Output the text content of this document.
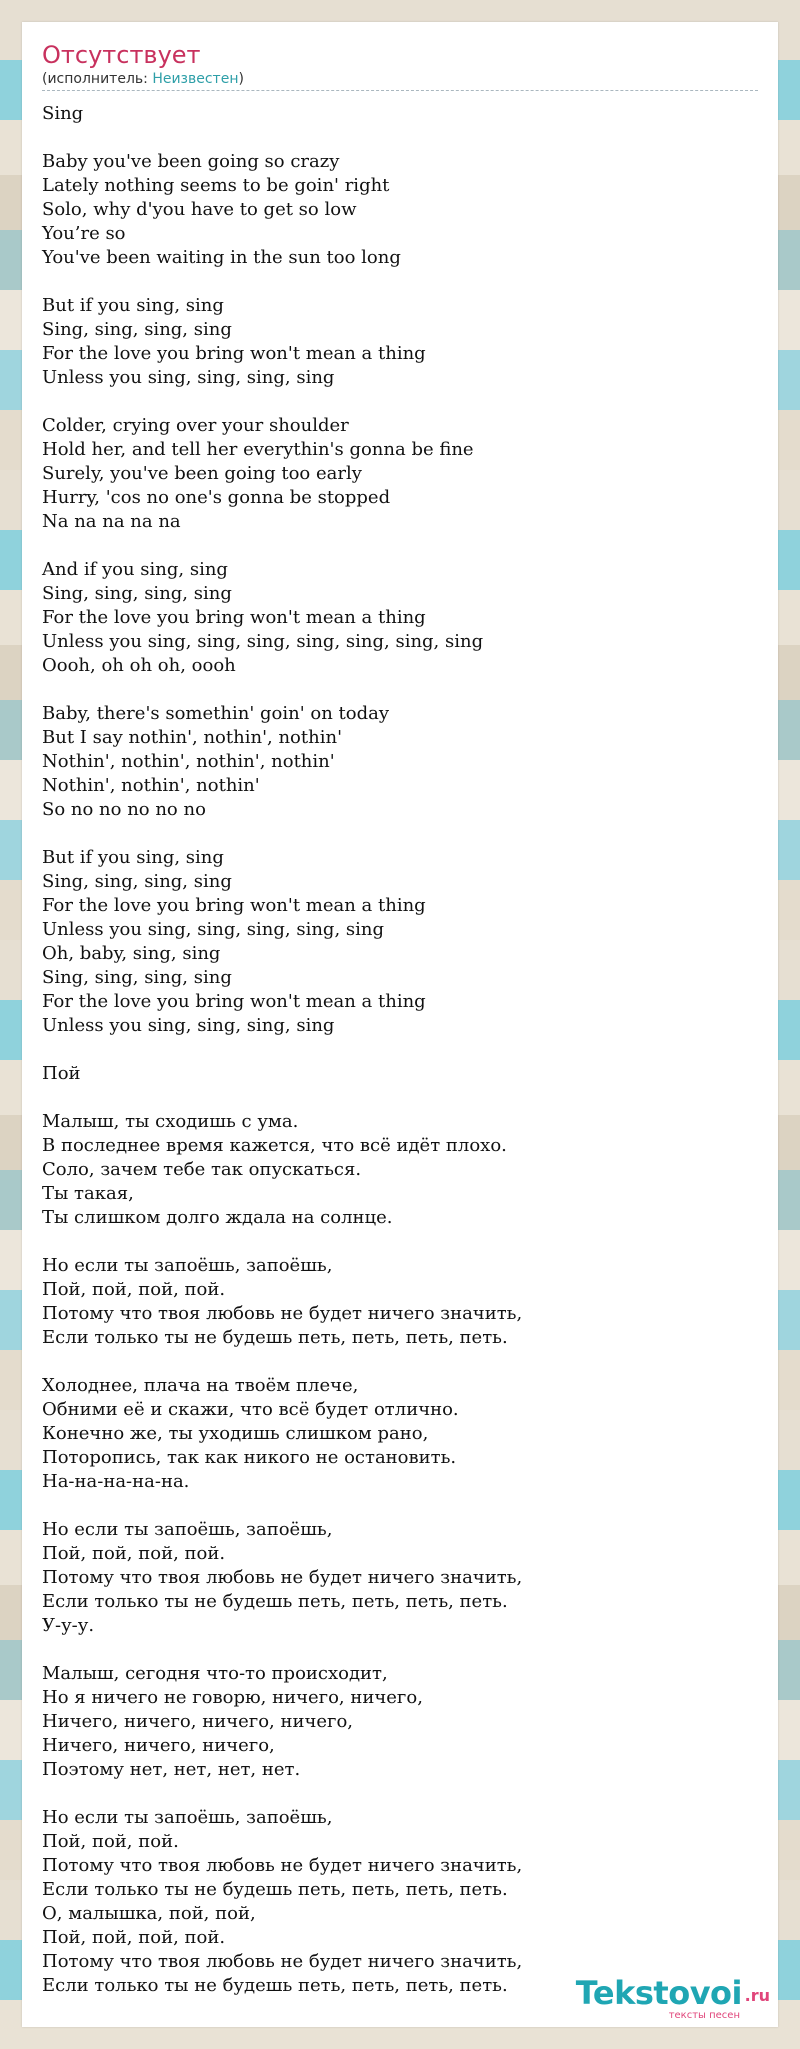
Отсутствует
(исполнитель: Неизвестен)
Sing

Baby you've been going so crazy
Lately nothing seems to be goin' right
Solo, why d'you have to get so low
You’re so
You've been waiting in the sun too long

But if you sing, sing
Sing, sing, sing, sing
For the love you bring won't mean a thing
Unless you sing, sing, sing, sing

Colder, crying over your shoulder
Hold her, and tell her everythin's gonna be fine
Surely, you've been going too early
Hurry, 'cos no one's gonna be stopped
Na na na na na

And if you sing, sing
Sing, sing, sing, sing
For the love you bring won't mean a thing
Unless you sing, sing, sing, sing, sing, sing, sing
Oooh, oh oh oh, oooh

Baby, there's somethin' goin' on today
But I say nothin', nothin', nothin'
Nothin', nothin', nothin', nothin'
Nothin', nothin', nothin'
So no no no no no

But if you sing, sing
Sing, sing, sing, sing
For the love you bring won't mean a thing
Unless you sing, sing, sing, sing, sing
Oh, baby, sing, sing
Sing, sing, sing, sing
For the love you bring won't mean a thing
Unless you sing, sing, sing, sing

Пой

Малыш, ты сходишь с ума.
В последнее время кажется, что всё идёт плохо.
Соло, зачем тебе так опускаться.
Ты такая,
Ты слишком долго ждала на солнце.

Но если ты запоёшь, запоёшь,
Пой, пой, пой, пой.
Потому что твоя любовь не будет ничего значить,
Если только ты не будешь петь, петь, петь, петь.

Холоднее, плача на твоём плече,
Обними её и скажи, что всё будет отлично.
Конечно же, ты уходишь слишком рано,
Поторопись, так как никого не остановить.
На-на-на-на-на.

Но если ты запоёшь, запоёшь,
Пой, пой, пой, пой.
Потому что твоя любовь не будет ничего значить,
Если только ты не будешь петь, петь, петь, петь.
У-у-у.

Малыш, сегодня что-то происходит,
Но я ничего не говорю, ничего, ничего,
Ничего, ничего, ничего, ничего,
Ничего, ничего, ничего,
Поэтому нет, нет, нет, нет.

Но если ты запоёшь, запоёшь,
Пой, пой, пой.
Потому что твоя любовь не будет ничего значить,
Если только ты не будешь петь, петь, петь, петь.
О, малышка, пой, пой,
Пой, пой, пой, пой.
Потому что твоя любовь не будет ничего значить,
Если только ты не будешь петь, петь, петь, петь.	Tekstovoi .ru
тексты песен
